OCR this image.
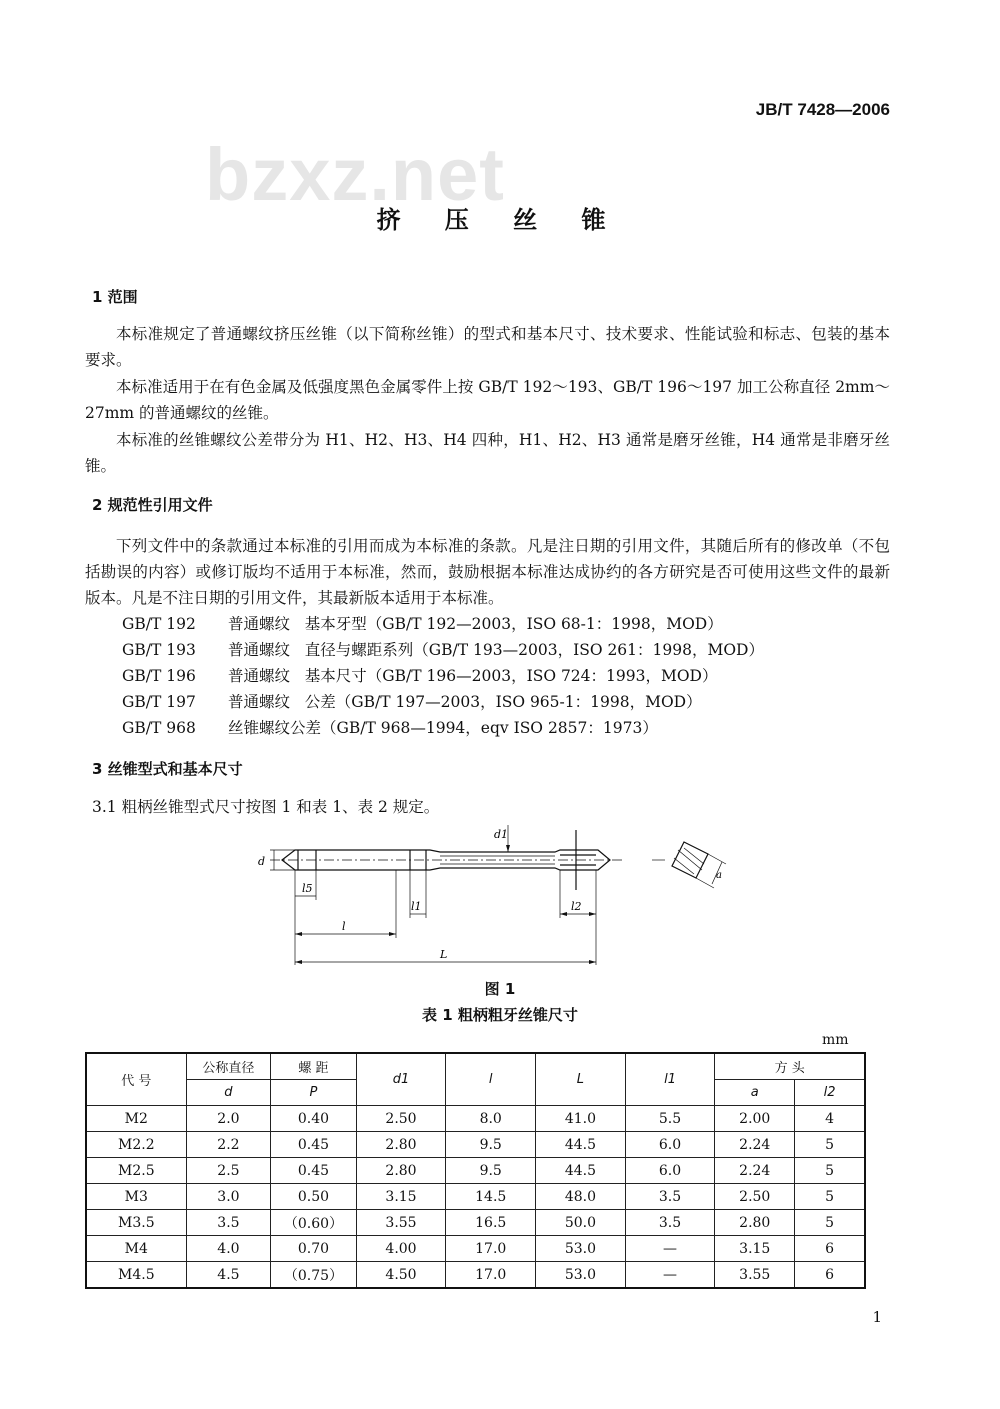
JB/T 7428—2006
bzxz.net
挤 压 丝 锥
1 范围
本标准规定了普通螺纹挤压丝锥（以下简称丝锥）的型式和基本尺寸、技术要求、性能试验和标志、包装的基本要求。
本标准适用于在有色金属及低强度黑色金属零件上按 GB/T 192～193、GB/T 196～197 加工公称直径 2mm～27mm 的普通螺纹的丝锥。
本标准的丝锥螺纹公差带分为 H1、H2、H3、H4 四种，H1、H2、H3 通常是磨牙丝锥，H4 通常是非磨牙丝锥。
2 规范性引用文件
下列文件中的条款通过本标准的引用而成为本标准的条款。凡是注日期的引用文件，其随后所有的修改单（不包括勘误的内容）或修订版均不适用于本标准，然而，鼓励根据本标准达成协约的各方研究是否可使用这些文件的最新版本。凡是不注日期的引用文件，其最新版本适用于本标准。
GB/T 192 普通螺纹   基本牙型（GB/T 192—2003，ISO 68-1：1998，MOD）
GB/T 193 普通螺纹   直径与螺距系列（GB/T 193—2003，ISO 261：1998，MOD）
GB/T 196 普通螺纹   基本尺寸（GB/T 196—2003，ISO 724：1993，MOD）
GB/T 197 普通螺纹   公差（GB/T 197—2003，ISO 965-1：1998，MOD）
GB/T 968 丝锥螺纹公差（GB/T 968—1994，eqv ISO 2857：1973）
3 丝锥型式和基本尺寸
3.1 粗柄丝锥型式尺寸按图 1 和表 1、表 2 规定。
d
d1
l5
l1	l2
l
L
a
图 1
表 1 粗柄粗牙丝锥尺寸
mm
代 号	公称直径	螺 距	d1	l	L	l1	方 头	
	d	P					a	l2
M2	2.0	0.40	2.50	8.0	41.0	5.5	2.00	4
M2.2	2.2	0.45	2.80	9.5	44.5	6.0	2.24	5
M2.5	2.5	0.45	2.80	9.5	44.5	6.0	2.24	5
M3	3.0	0.50	3.15	14.5	48.0	3.5	2.50	5
M3.5	3.5	（0.60）	3.55	16.5	50.0	3.5	2.80	5
M4	4.0	0.70	4.00	17.0	53.0	—	3.15	6
M4.5	4.5	（0.75）	4.50	17.0	53.0	—	3.55	6
1
